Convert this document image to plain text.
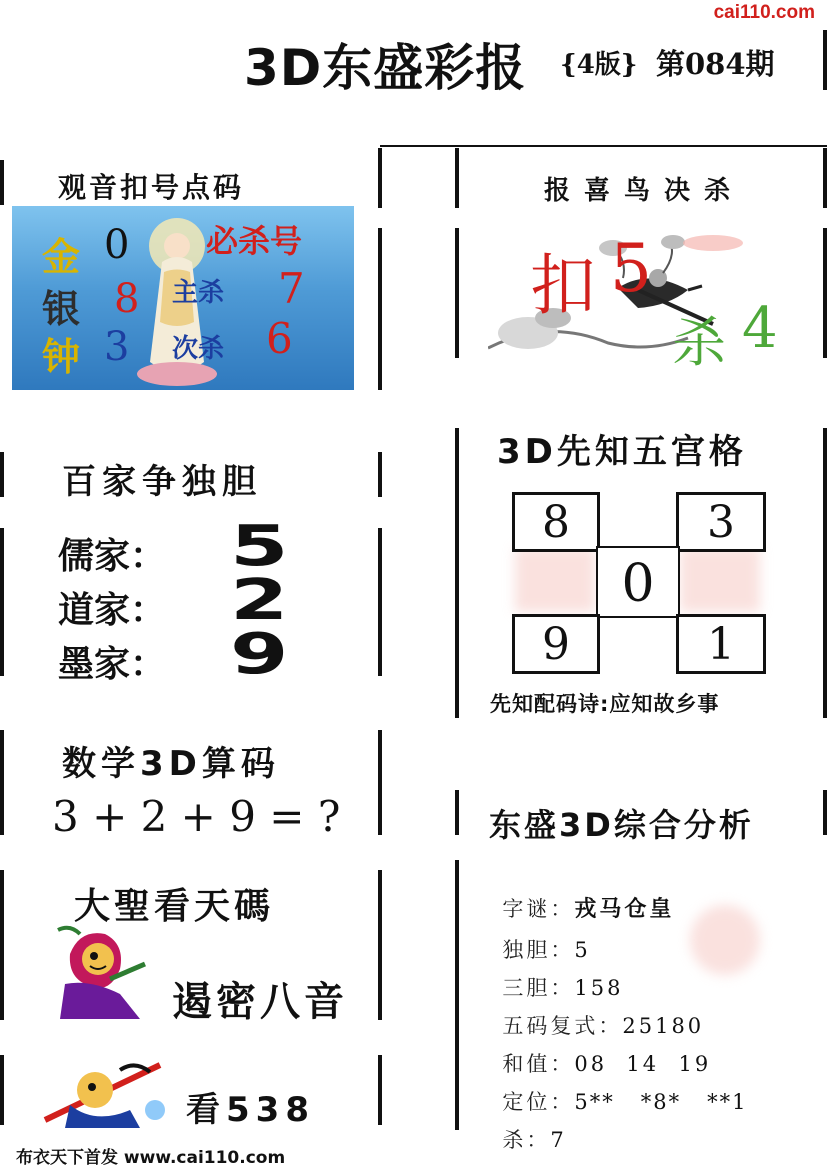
cai110.com
3D东盛彩报 {4版} 第084期
观音扣号点码
金 0
银 8
钟 3
必杀号
主杀 7
次杀 6
报喜鸟决杀
扣 5
杀 4
百家争独胆
儒家： 5
道家： 2
墨家： 9
3D先知五宫格
8	3
0
9	1
先知配码诗:应知故乡事
数学3D算码
3 + 2 + 9 = ?	东盛3D综合分析

字谜：戎马仓皇

独胆：5

三胆：158

五码复式：25180

和值：08  14  19

定位：5**   *8*   **1

杀：7

大聖看天碼
遏密八音
看538
布衣天下首发 www.cai110.com
